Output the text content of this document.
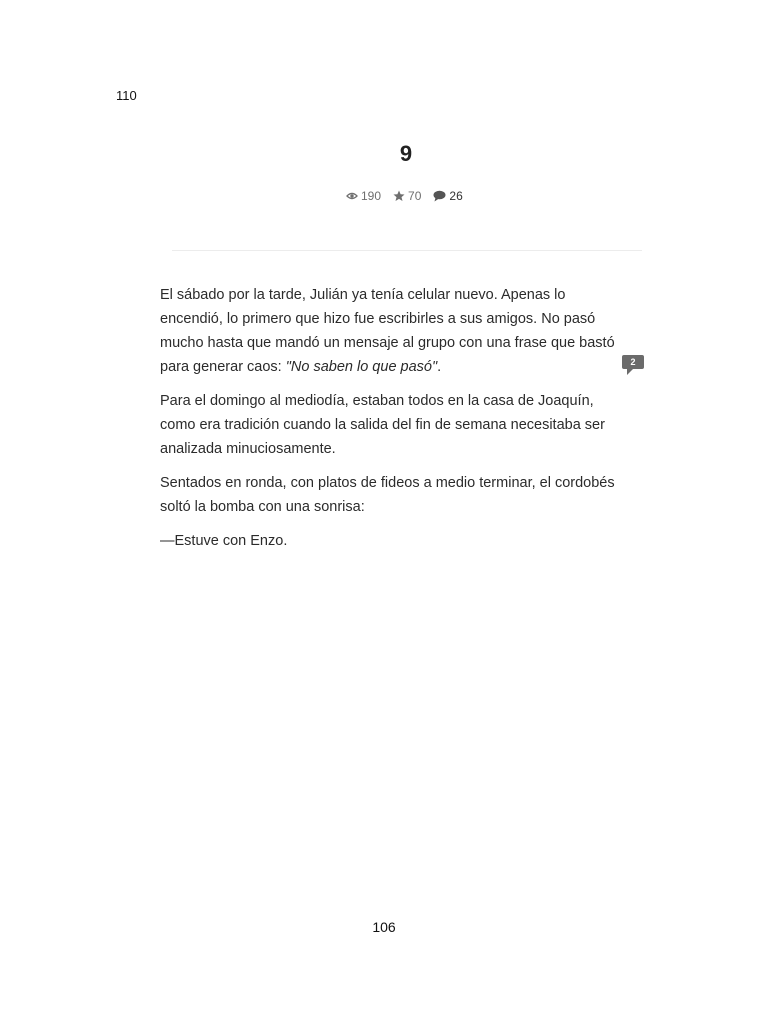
110
9
190 70 26

El sábado por la tarde, Julián ya tenía celular nuevo. Apenas lo encendió, lo primero que hizo fue escribirles a sus amigos. No pasó mucho hasta que mandó un mensaje al grupo con una frase que bastó para generar caos: "No saben lo que pasó".

Para el domingo al mediodía, estaban todos en la casa de Joaquín, como era tradición cuando la salida del fin de semana necesitaba ser analizada minuciosamente.

Sentados en ronda, con platos de fideos a medio terminar, el cordobés soltó la bomba con una sonrisa:

—Estuve con Enzo.

2
106
